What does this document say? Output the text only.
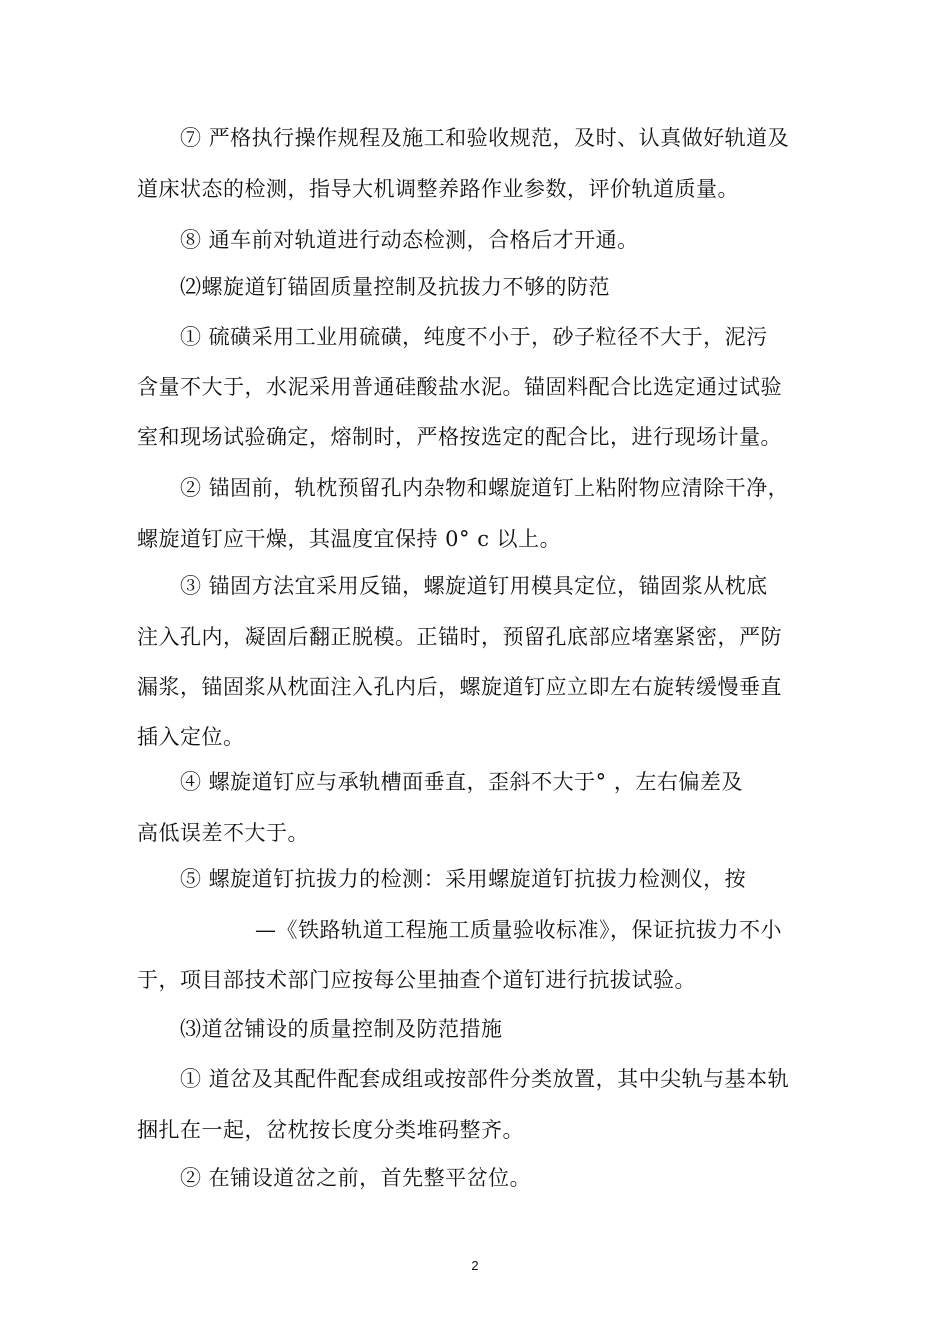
⑦ 严格执行操作规程及施工和验收规范，及时、认真做好轨道及
道床状态的检测，指导大机调整养路作业参数，评价轨道质量。
⑧ 通车前对轨道进行动态检测，合格后才开通。
⑵螺旋道钉锚固质量控制及抗拔力不够的防范
① 硫磺采用工业用硫磺，纯度不小于，砂子粒径不大于，泥污
含量不大于，水泥采用普通硅酸盐水泥。锚固料配合比选定通过试验
室和现场试验确定，熔制时，严格按选定的配合比，进行现场计量。
② 锚固前，轨枕预留孔内杂物和螺旋道钉上粘附物应清除干净，
螺旋道钉应干燥，其温度宜保持 0° c 以上。
③ 锚固方法宜采用反锚，螺旋道钉用模具定位，锚固浆从枕底
注入孔内，凝固后翻正脱模。正锚时，预留孔底部应堵塞紧密，严防
漏浆，锚固浆从枕面注入孔内后，螺旋道钉应立即左右旋转缓慢垂直
插入定位。
④ 螺旋道钉应与承轨槽面垂直，歪斜不大于° ，左右偏差及
高低误差不大于。
⑤ 螺旋道钉抗拔力的检测：采用螺旋道钉抗拔力检测仪，按
—《铁路轨道工程施工质量验收标准》，保证抗拔力不小
于，项目部技术部门应按每公里抽查个道钉进行抗拔试验。
⑶道岔铺设的质量控制及防范措施
① 道岔及其配件配套成组或按部件分类放置，其中尖轨与基本轨
捆扎在一起，岔枕按长度分类堆码整齐。
② 在铺设道岔之前，首先整平岔位。
2
